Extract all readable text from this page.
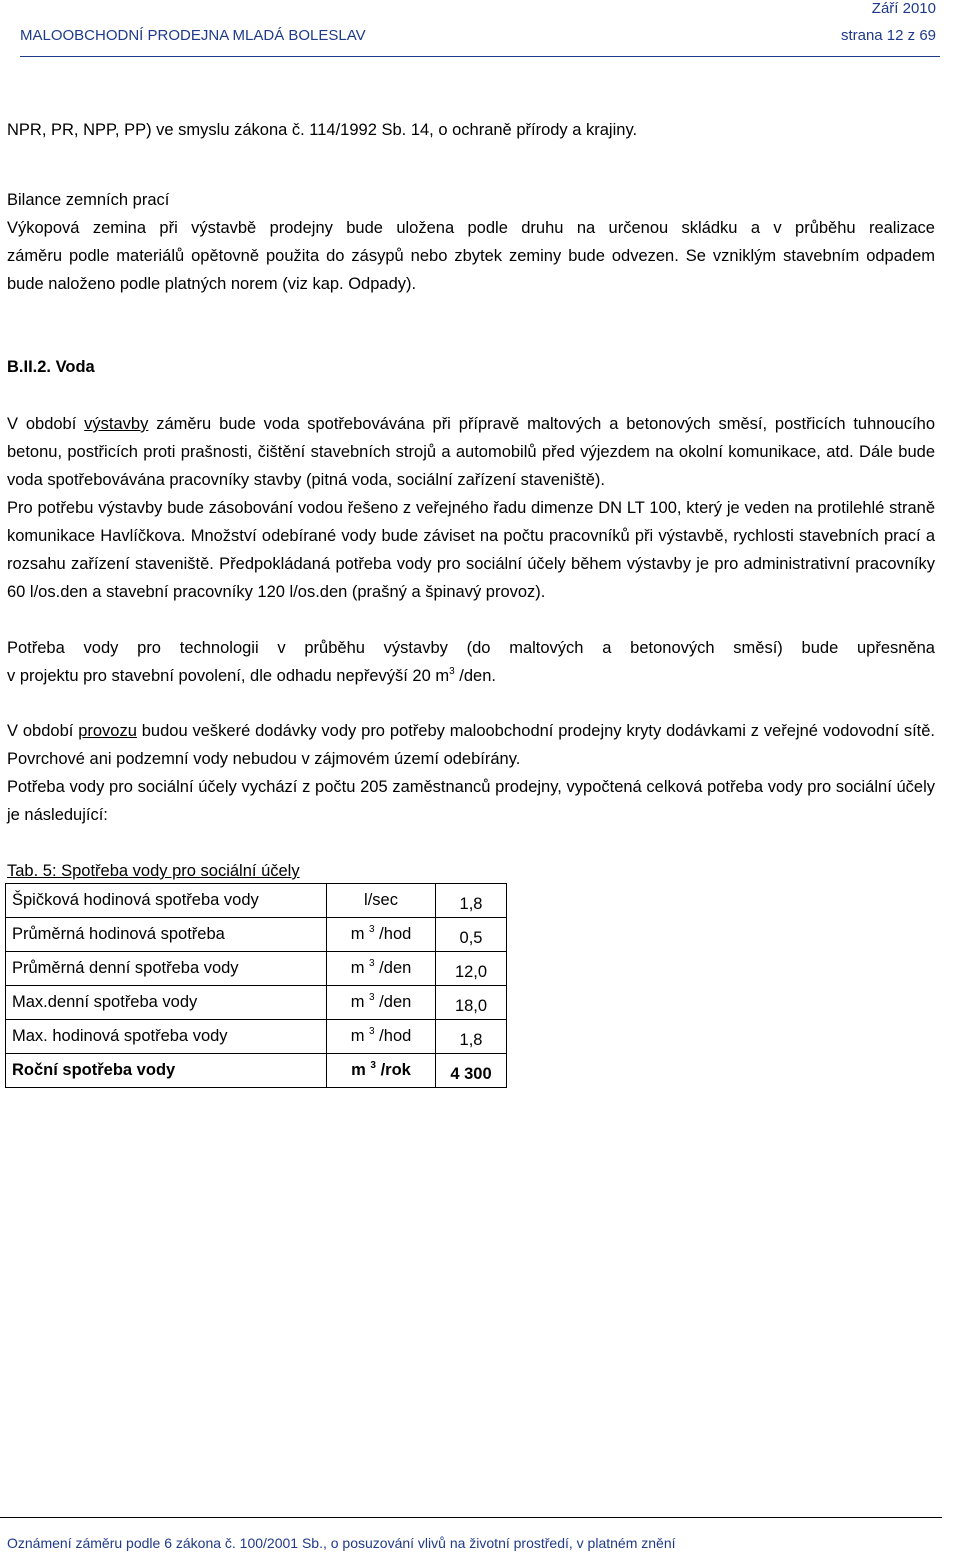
Září 2010
MALOOBCHODNÍ PRODEJNA MLADÁ BOLESLAV	strana 12 z 69
NPR, PR, NPP, PP) ve smyslu zákona č. 114/1992 Sb. 14, o ochraně přírody a krajiny.
Bilance zemních prací
Výkopová zemina při výstavbě prodejny bude uložena podle druhu na určenou skládku a v průběhu realizace
záměru podle materiálů opětovně použita do zásypů nebo zbytek zeminy bude odvezen. Se vzniklým stavebním odpadem bude naloženo podle platných norem (viz kap. Odpady).
B.II.2. Voda
V období výstavby záměru bude voda spotřebovávána při přípravě maltových a betonových směsí, postřicích tuhnoucího betonu, postřicích proti prašnosti, čištění stavebních strojů a automobilů před výjezdem na okolní komunikace, atd. Dále bude voda spotřebovávána pracovníky stavby (pitná voda, sociální zařízení staveniště).
Pro potřebu výstavby bude zásobování vodou řešeno z veřejného řadu dimenze DN LT 100, který je veden na protilehlé straně komunikace Havlíčkova. Množství odebírané vody bude záviset na počtu pracovníků při výstavbě, rychlosti stavebních prací a rozsahu zařízení staveniště. Předpokládaná potřeba vody pro sociální účely během výstavby je pro administrativní pracovníky 60 l/os.den a stavební pracovníky 120 l/os.den (prašný a špinavý provoz).
Potřeba vody pro technologii v průběhu výstavby (do maltových a betonových směsí) bude upřesněna
v projektu pro stavební povolení, dle odhadu nepřevýší 20 $m^3$ /den.
V období provozu budou veškeré dodávky vody pro potřeby maloobchodní prodejny kryty dodávkami z veřejné vodovodní sítě. Povrchové ani podzemní vody nebudou v zájmovém území odebírány.
Potřeba vody pro sociální účely vychází z počtu 205 zaměstnanců prodejny, vypočtená celková potřeba vody pro sociální účely je následující:
Tab. 5: Spotřeba vody pro sociální účely
Špičková hodinová spotřeba vody	l/sec	1,8
Průměrná hodinová spotřeba	m $^3$ /hod	0,5
Průměrná denní spotřeba vody	m $^3$ /den	12,0
Max.denní spotřeba vody	m $^3$ /den	18,0
Max. hodinová spotřeba vody	m $^3$ /hod	1,8
Roční spotřeba vody	m $^3$ /rok	4 300
Oznámení záměru podle 6 zákona č. 100/2001 Sb., o posuzování vlivů na životní prostředí, v platném znění
